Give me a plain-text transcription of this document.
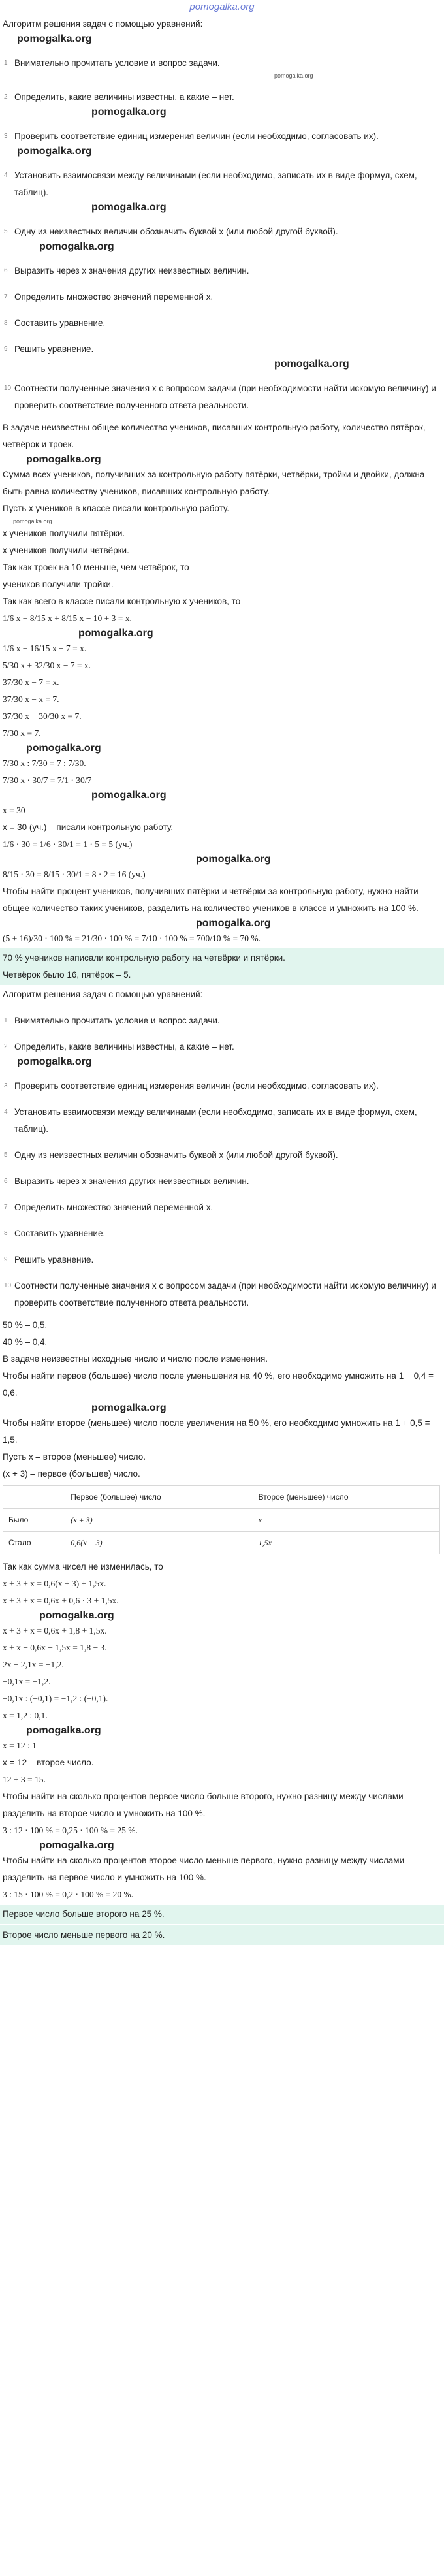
pomogalka.org
Алгоритм решения задач с помощью уравнений:
pomogalka.org
1 Внимательно прочитать условие и вопрос задачи.
pomogalka.org
2 Определить, какие величины известны, а какие – нет.
pomogalka.org
3 Проверить соответствие единиц измерения величин (если необходимо, согласовать их).
pomogalka.org
4 Установить взаимосвязи между величинами (если необходимо, записать их в виде формул, схем, таблиц).
pomogalka.org
5 Одну из неизвестных величин обозначить буквой x (или любой другой буквой).
pomogalka.org
6 Выразить через x значения других неизвестных величин.
7 Определить множество значений переменной x.
8 Составить уравнение.
9 Решить уравнение.
pomogalka.org
10 Соотнести полученные значения x с вопросом задачи (при необходимости найти искомую величину) и проверить соответствие полученного ответа реальности.
В задаче неизвестны общее количество учеников, писавших контрольную работу, количество пятёрок, четвёрок и троек.
pomogalka.org
Сумма всех учеников, получивших за контрольную работу пятёрки, четвёрки, тройки и двойки, должна быть равна количеству учеников, писавших контрольную работу.
Пусть x учеников в классе писали контрольную работу.
pomogalka.org
x учеников получили пятёрки.
x учеников получили четвёрки.
Так как троек на 10 меньше, чем четвёрок, то
учеников получили тройки.
Так как всего в классе писали контрольную x учеников, то
1/6 x + 8/15 x + 8/15 x − 10 + 3 = x.
pomogalka.org
1/6 x + 16/15 x − 7 = x.
5/30 x + 32/30 x − 7 = x.
37/30 x − 7 = x.
37/30 x − x = 7.
37/30 x − 30/30 x = 7.
7/30 x = 7.
pomogalka.org
7/30 x : 7/30 = 7 : 7/30.
7/30 x · 30/7 = 7/1 · 30/7
pomogalka.org
x = 30
x = 30 (уч.) – писали контрольную работу.
1/6 · 30 = 1/6 · 30/1 = 1 · 5 = 5 (уч.)
pomogalka.org
8/15 · 30 = 8/15 · 30/1 = 8 · 2 = 16 (уч.)
Чтобы найти процент учеников, получивших пятёрки и четвёрки за контрольную работу, нужно найти общее количество таких учеников, разделить на количество учеников в классе и умножить на 100 %.
pomogalka.org
(5 + 16)/30 · 100 % = 21/30 · 100 % = 7/10 · 100 % = 700/10 % = 70 %.
70 % учеников написали контрольную работу на четвёрки и пятёрки.
Четвёрок было 16, пятёрок – 5.
Алгоритм решения задач с помощью уравнений:
1 Внимательно прочитать условие и вопрос задачи.
2 Определить, какие величины известны, а какие – нет.
pomogalka.org
3 Проверить соответствие единиц измерения величин (если необходимо, согласовать их).
4 Установить взаимосвязи между величинами (если необходимо, записать их в виде формул, схем, таблиц).
5 Одну из неизвестных величин обозначить буквой x (или любой другой буквой).
6 Выразить через x значения других неизвестных величин.
7 Определить множество значений переменной x.
8 Составить уравнение.
9 Решить уравнение.
10 Соотнести полученные значения x с вопросом задачи (при необходимости найти искомую величину) и проверить соответствие полученного ответа реальности.
50 % – 0,5.
40 % – 0,4.
В задаче неизвестны исходные число и число после изменения.
Чтобы найти первое (большее) число после уменьшения на 40 %, его необходимо умножить на 1 − 0,4 = 0,6.
pomogalka.org
Чтобы найти второе (меньшее) число после увеличения на 50 %, его необходимо умножить на 1 + 0,5 = 1,5.
Пусть x – второе (меньшее) число.
(x + 3) – первое (большее) число.
	Первое (большее) число	Второе (меньшее) число
Было	(x + 3)	x
Стало	0,6(x + 3)	1,5x
Так как сумма чисел не изменилась, то
x + 3 + x = 0,6(x + 3) + 1,5x.
x + 3 + x = 0,6x + 0,6 · 3 + 1,5x.
pomogalka.org
x + 3 + x = 0,6x + 1,8 + 1,5x.
x + x − 0,6x − 1,5x = 1,8 − 3.
2x − 2,1x = −1,2.
−0,1x = −1,2.
−0,1x : (−0,1) = −1,2 : (−0,1).
x = 1,2 : 0,1.
pomogalka.org
x = 12 : 1
x = 12 – второе число.
12 + 3 = 15.
Чтобы найти на сколько процентов первое число больше второго, нужно разницу между числами разделить на второе число и умножить на 100 %.
3 : 12 · 100 % = 0,25 · 100 % = 25 %.
pomogalka.org
Чтобы найти на сколько процентов второе число меньше первого, нужно разницу между числами разделить на первое число и умножить на 100 %.
3 : 15 · 100 % = 0,2 · 100 % = 20 %.
Первое число больше второго на 25 %.
Второе число меньше первого на 20 %.
